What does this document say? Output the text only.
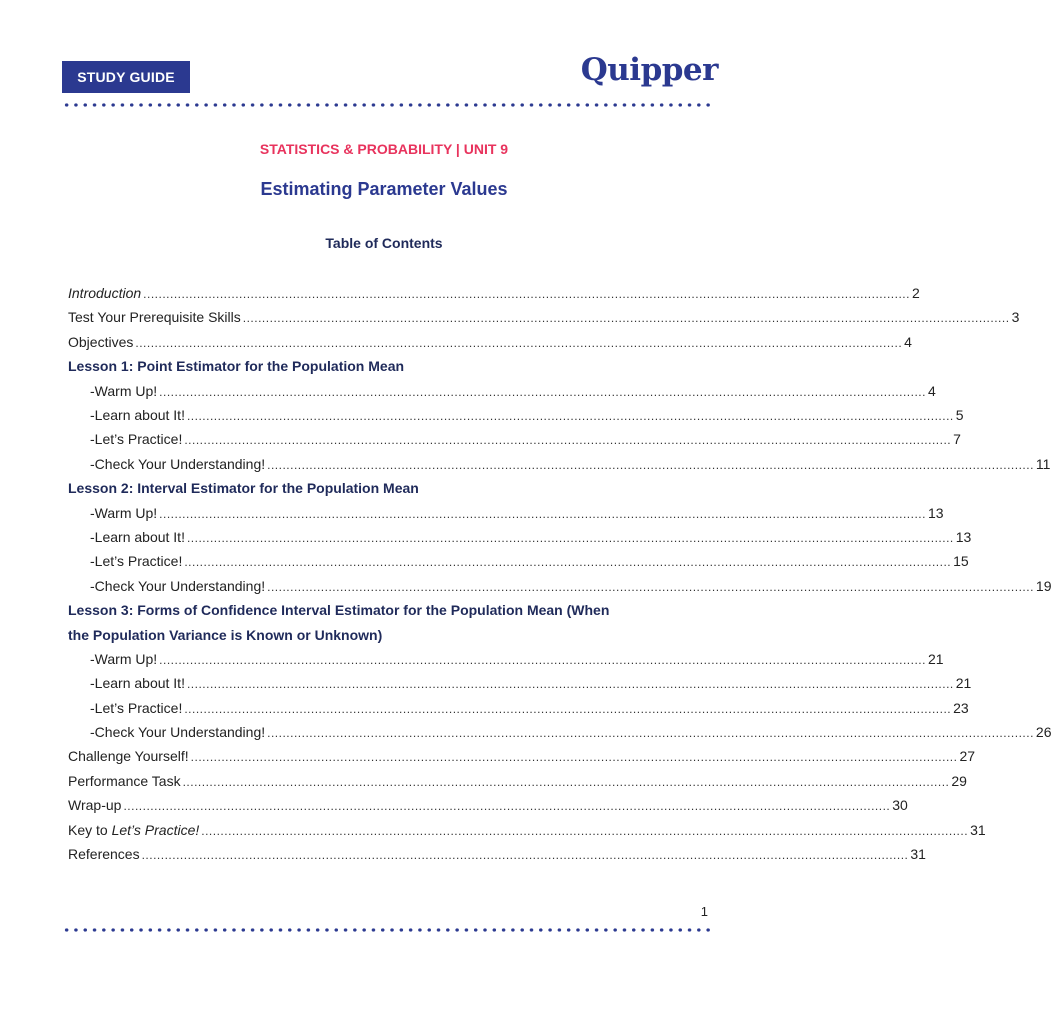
STUDY GUIDE	Quipper
STATISTICS & PROBABILITY | UNIT 9
Estimating Parameter Values
Table of Contents
Introduction ........................................................................................................................................................................................................ 2
Test Your Prerequisite Skills ........................................................................................................................................................................................................ 3
Objectives ........................................................................................................................................................................................................ 4
Lesson 1: Point Estimator for the Population Mean
- Warm Up! ........................................................................................................................................................................................................ 4
- Learn about It! ........................................................................................................................................................................................................ 5
- Let’s Practice! ........................................................................................................................................................................................................ 7
- Check Your Understanding! ........................................................................................................................................................................................................ 11
Lesson 2: Interval Estimator for the Population Mean
- Warm Up! ........................................................................................................................................................................................................ 13
- Learn about It! ........................................................................................................................................................................................................ 13
- Let’s Practice! ........................................................................................................................................................................................................ 15
- Check Your Understanding! ........................................................................................................................................................................................................ 19
Lesson 3: Forms of Confidence Interval Estimator for the Population Mean (When
the Population Variance is Known or Unknown)
- Warm Up! ........................................................................................................................................................................................................ 21
- Learn about It! ........................................................................................................................................................................................................ 21
- Let’s Practice! ........................................................................................................................................................................................................ 23
- Check Your Understanding! ........................................................................................................................................................................................................ 26
Challenge Yourself! ........................................................................................................................................................................................................ 27
Performance Task ........................................................................................................................................................................................................ 29
Wrap-up ........................................................................................................................................................................................................ 30
Key to Let’s Practice! ........................................................................................................................................................................................................ 31
References ........................................................................................................................................................................................................ 31
1
